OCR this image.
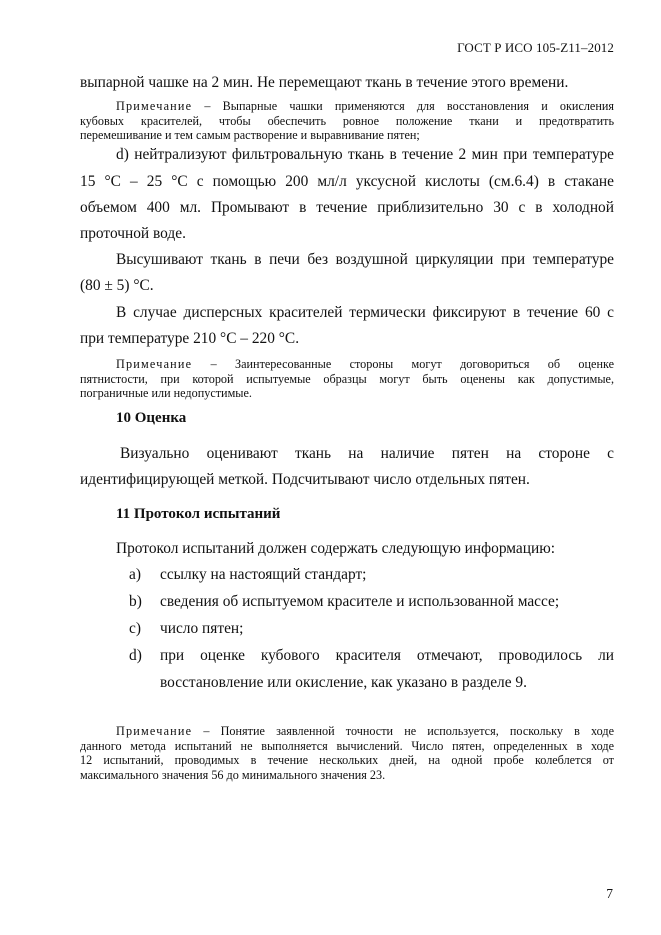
ГОСТ Р ИСО 105-Z11–2012
выпарной чашке на 2 мин. Не перемещают ткань в течение этого времени.
Примечание – Выпарные чашки применяются для восстановления и окисления
кубовых красителей, чтобы обеспечить ровное положение ткани и предотвратить
перемешивание и тем самым растворение и выравнивание пятен;
d) нейтрализуют фильтровальную ткань в течение 2 мин при температуре
15 °С – 25 °С с помощью 200 мл/л уксусной кислоты (см.6.4) в стакане
объемом 400 мл. Промывают в течение приблизительно 30 с в холодной
проточной воде.
Высушивают ткань в печи без воздушной циркуляции при температуре
(80 ± 5) °С.
В случае дисперсных красителей термически фиксируют в течение 60 с
при температуре 210 °С – 220 °С.
Примечание – Заинтересованные стороны могут договориться об оценке
пятнистости, при которой испытуемые образцы могут быть оценены как допустимые,
пограничные или недопустимые.
10 Оценка
Визуально оценивают ткань на наличие пятен на стороне с
идентифицирующей меткой. Подсчитывают число отдельных пятен.
11 Протокол испытаний
Протокол испытаний должен содержать следующую информацию:
a) ссылку на настоящий стандарт;
b) сведения об испытуемом красителе и использованной массе;
c) число пятен;
d) при оценке кубового красителя отмечают, проводилось ли
восстановление или окисление, как указано в разделе 9.
Примечание – Понятие заявленной точности не используется, поскольку в ходе
данного метода испытаний не выполняется вычислений. Число пятен, определенных в ходе
12 испытаний, проводимых в течение нескольких дней, на одной пробе колеблется от
максимального значения 56 до минимального значения 23.
7
